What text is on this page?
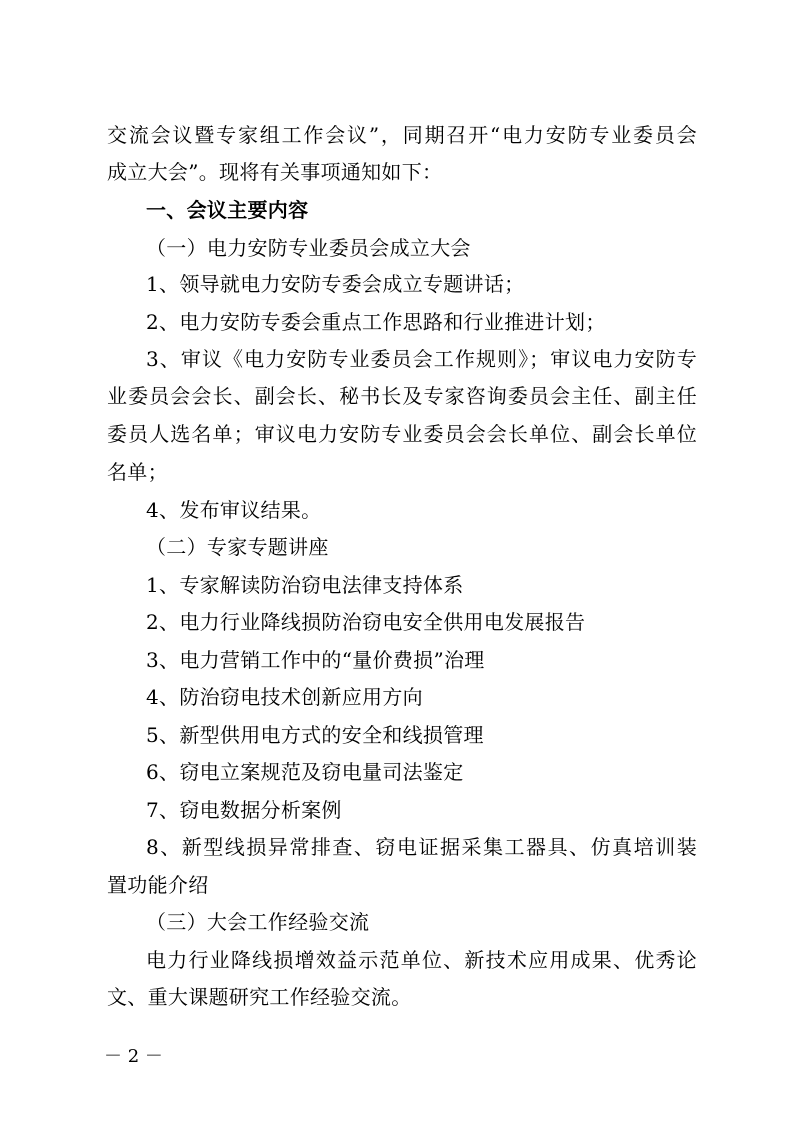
交流会议暨专家组工作会议”，同期召开“电力安防专业委员会
成立大会”。现将有关事项通知如下：
一、会议主要内容
（一）电力安防专业委员会成立大会
1、领导就电力安防专委会成立专题讲话；
2、电力安防专委会重点工作思路和行业推进计划；
3、审议《电力安防专业委员会工作规则》；审议电力安防专
业委员会会长、副会长、秘书长及专家咨询委员会主任、副主任
委员人选名单；审议电力安防专业委员会会长单位、副会长单位
名单；
4、发布审议结果。
（二）专家专题讲座
1、专家解读防治窃电法律支持体系
2、电力行业降线损防治窃电安全供用电发展报告
3、电力营销工作中的“量价费损”治理
4、防治窃电技术创新应用方向
5、新型供用电方式的安全和线损管理
6、窃电立案规范及窃电量司法鉴定
7、窃电数据分析案例
8、新型线损异常排查、窃电证据采集工器具、仿真培训装
置功能介绍
（三）大会工作经验交流
电力行业降线损增效益示范单位、新技术应用成果、优秀论
文、重大课题研究工作经验交流。
－ 2 －
